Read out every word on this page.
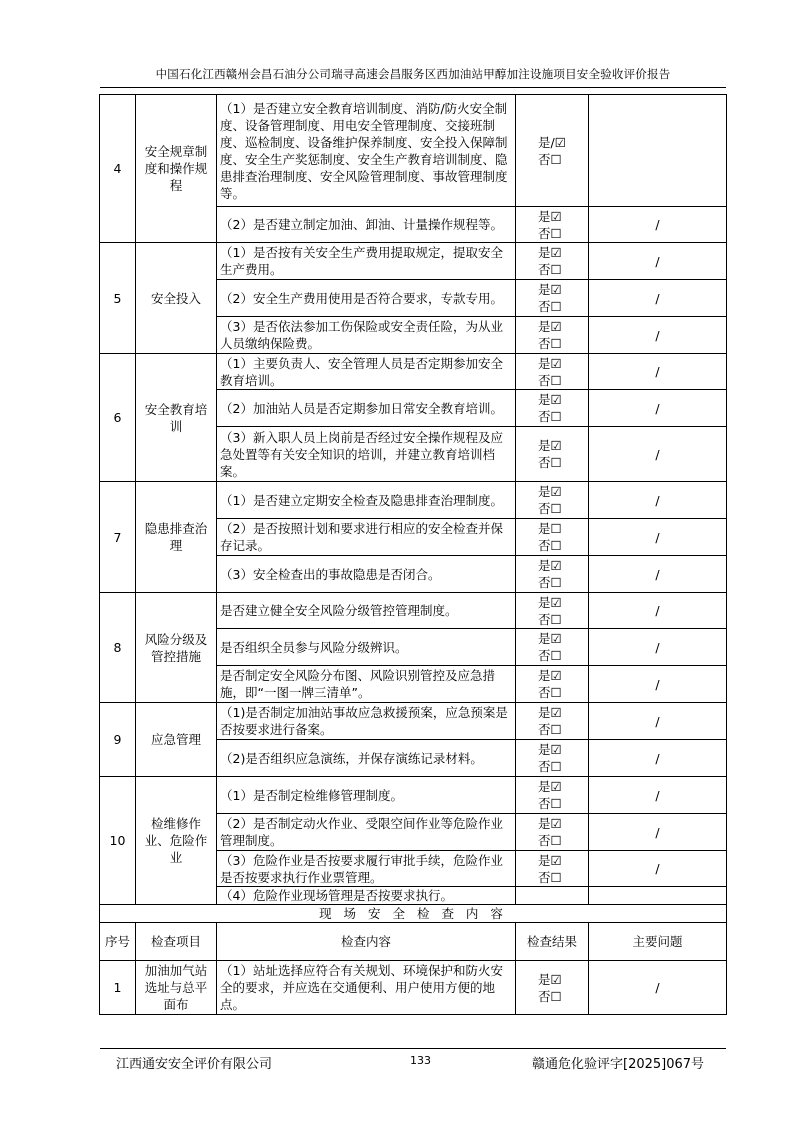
中国石化江西赣州会昌石油分公司瑞寻高速会昌服务区西加油站甲醇加注设施项目安全验收评价报告
4	安全规章制度和操作规程	（1）是否建立安全教育培训制度、消防/防火安全制度、设备管理制度、用电安全管理制度、交接班制度、巡检制度、设备维护保养制度、安全投入保障制度、安全生产奖惩制度、安全生产教育培训制度、隐患排查治理制度、安全风险管理制度、事故管理制度等。	是/☑
否☐	
		（2）是否建立制定加油、卸油、计量操作规程等。	是☑
否☐	/
5	安全投入	（1）是否按有关安全生产费用提取规定，提取安全生产费用。	是☑
否☐	/
		（2）安全生产费用使用是否符合要求，专款专用。	是☑
否☐	/
		（3）是否依法参加工伤保险或安全责任险，为从业人员缴纳保险费。	是☑
否☐	/
6	安全教育培训	（1）主要负责人、安全管理人员是否定期参加安全教育培训。	是☑
否☐	/
		（2）加油站人员是否定期参加日常安全教育培训。	是☑
否☐	/
		（3）新入职人员上岗前是否经过安全操作规程及应急处置等有关安全知识的培训，并建立教育培训档案。	是☑
否☐	/
7	隐患排查治理	（1）是否建立定期安全检查及隐患排查治理制度。	是☑
否☐	/
		（2）是否按照计划和要求进行相应的安全检查并保存记录。	是☐
否☐	/
		（3）安全检查出的事故隐患是否闭合。	是☑
否☐	/
8	风险分级及管控措施	是否建立健全安全风险分级管控管理制度。	是☑
否☐	/
		是否组织全员参与风险分级辨识。	是☑
否☐	/
		是否制定安全风险分布图、风险识别管控及应急措施，即“一图一牌三清单”。	是☑
否☐	/
9	应急管理	（1)是否制定加油站事故应急救援预案，应急预案是否按要求进行备案。	是☑
否☐	/
		（2)是否组织应急演练，并保存演练记录材料。	是☑
否☐	/
10	检维修作业、危险作业	（1）是否制定检维修管理制度。	是☑
否☐	/
		（2）是否制定动火作业、受限空间作业等危险作业管理制度。	是☑
否☐	/
		（3）危险作业是否按要求履行审批手续，危险作业是否按要求执行作业票管理。	是☑
否☐	/
		（4）危险作业现场管理是否按要求执行。		
现 场 安 全 检 查 内 容				
序号	检查项目	检查内容	检查结果	主要问题
1	加油加气站选址与总平面布	（1）站址选择应符合有关规划、环境保护和防火安全的要求，并应选在交通便利、用户使用方便的地点。	是☑
否☐	/
江西通安安全评价有限公司	133	赣通危化验评字[2025]067号
